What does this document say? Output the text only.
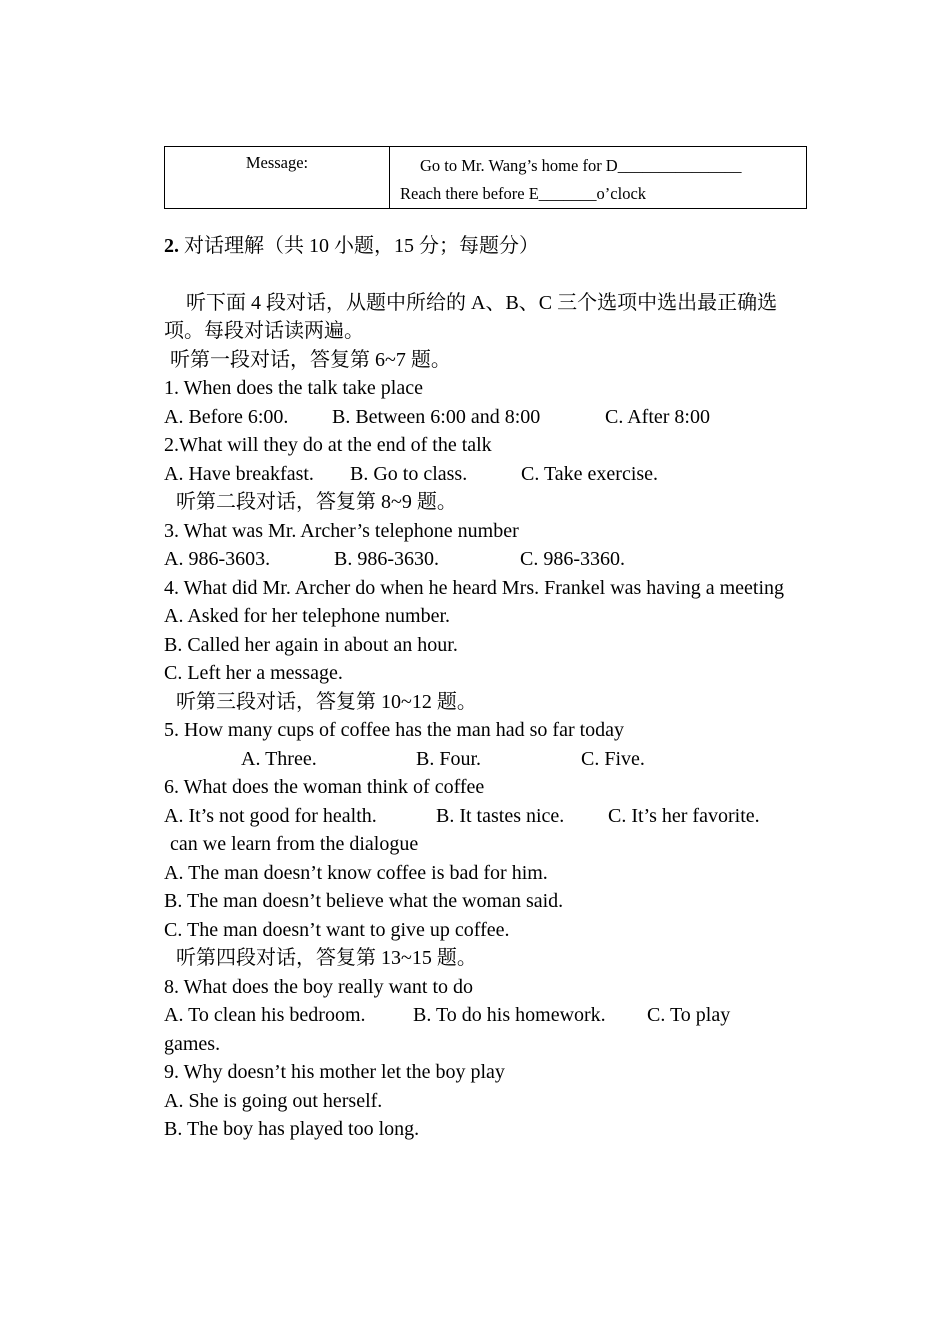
Message:	Go to Mr. Wang’s home for D_______________
Reach there before E_______o’clock

2. 对话理解（共 10 小题，15 分；每题分）

听下面 4 段对话，从题中所给的 A、B、C 三个选项中选出最正确选项。每段对话读两遍。

听第一段对话，答复第 6~7 题。

1. When does the talk take place

A. Before 6:00.	B. Between 6:00 and 8:00	C. After 8:00

2.What will they do at the end of the talk

A. Have breakfast.	B. Go to class.	C. Take exercise.

听第二段对话，答复第 8~9 题。

3. What was Mr. Archer’s telephone number

A. 986-3603.	B. 986-3630.	C. 986-3360.

4. What did Mr. Archer do when he heard Mrs. Frankel was having a meeting

A. Asked for her telephone number.

B. Called her again in about an hour.

C. Left her a message.

听第三段对话，答复第 10~12 题。

5. How many cups of coffee has the man had so far today

A. Three.	B. Four.	C. Five.

6. What does the woman think of coffee

A. It’s not good for health.	B. It tastes nice.	C. It’s her favorite.

can we learn from the dialogue

A. The man doesn’t know coffee is bad for him.

B. The man doesn’t believe what the woman said.

C. The man doesn’t want to give up coffee.

听第四段对话，答复第 13~15 题。

8. What does the boy really want to do

A. To clean his bedroom. B. To do his homework. C. To play games.

9. Why doesn’t his mother let the boy play

A. She is going out herself.

B. The boy has played too long.
